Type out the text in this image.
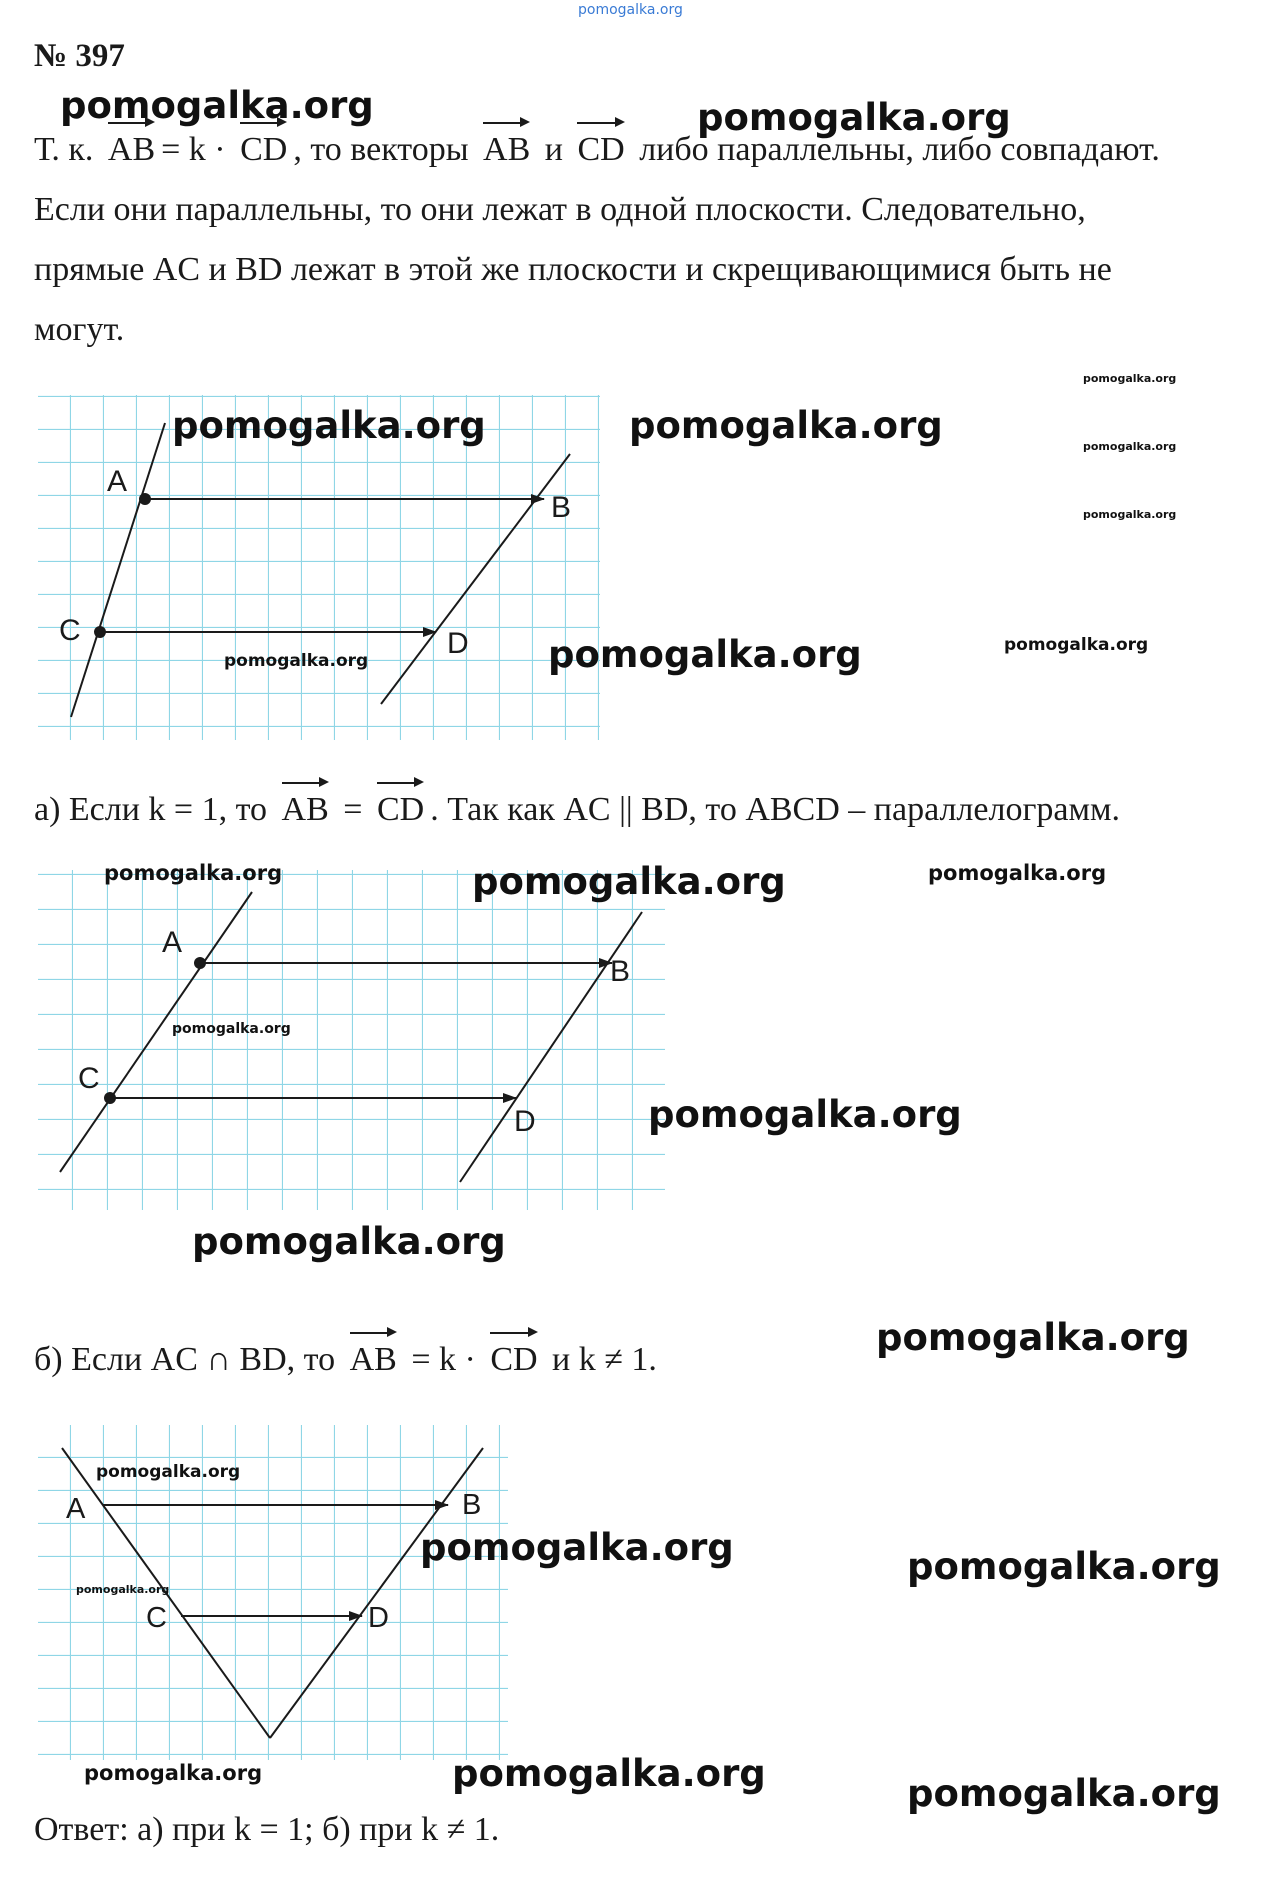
pomogalka.org
№ 397
Т. к. AB = k · CD , то векторы AB и CD либо параллельны, либо совпадают.
Если они параллельны, то они лежат в одной плоскости. Следовательно,
прямые AC и BD лежат в этой же плоскости и скрещивающимися быть не
могут.
A
B
C	D
а) Если k = 1, то AB = CD . Так как AC || BD, то ABCD – параллелограмм.
A
B
C
D
б) Если AC ∩ BD, то AB = k · CD и k ≠ 1.
A	B
C	D
Ответ: а) при k = 1; б) при k ≠ 1.
pomogalka.org	pomogalka.org
pomogalka.org
pomogalka.org
pomogalka.org
pomogalka.org	pomogalka.org
pomogalka.org	pomogalka.org	pomogalka.org
pomogalka.org	pomogalka.org	pomogalka.org
pomogalka.org
pomogalka.org
pomogalka.org
pomogalka.org
pomogalka.org
pomogalka.org	pomogalka.org
pomogalka.org
pomogalka.org	pomogalka.org	pomogalka.org
